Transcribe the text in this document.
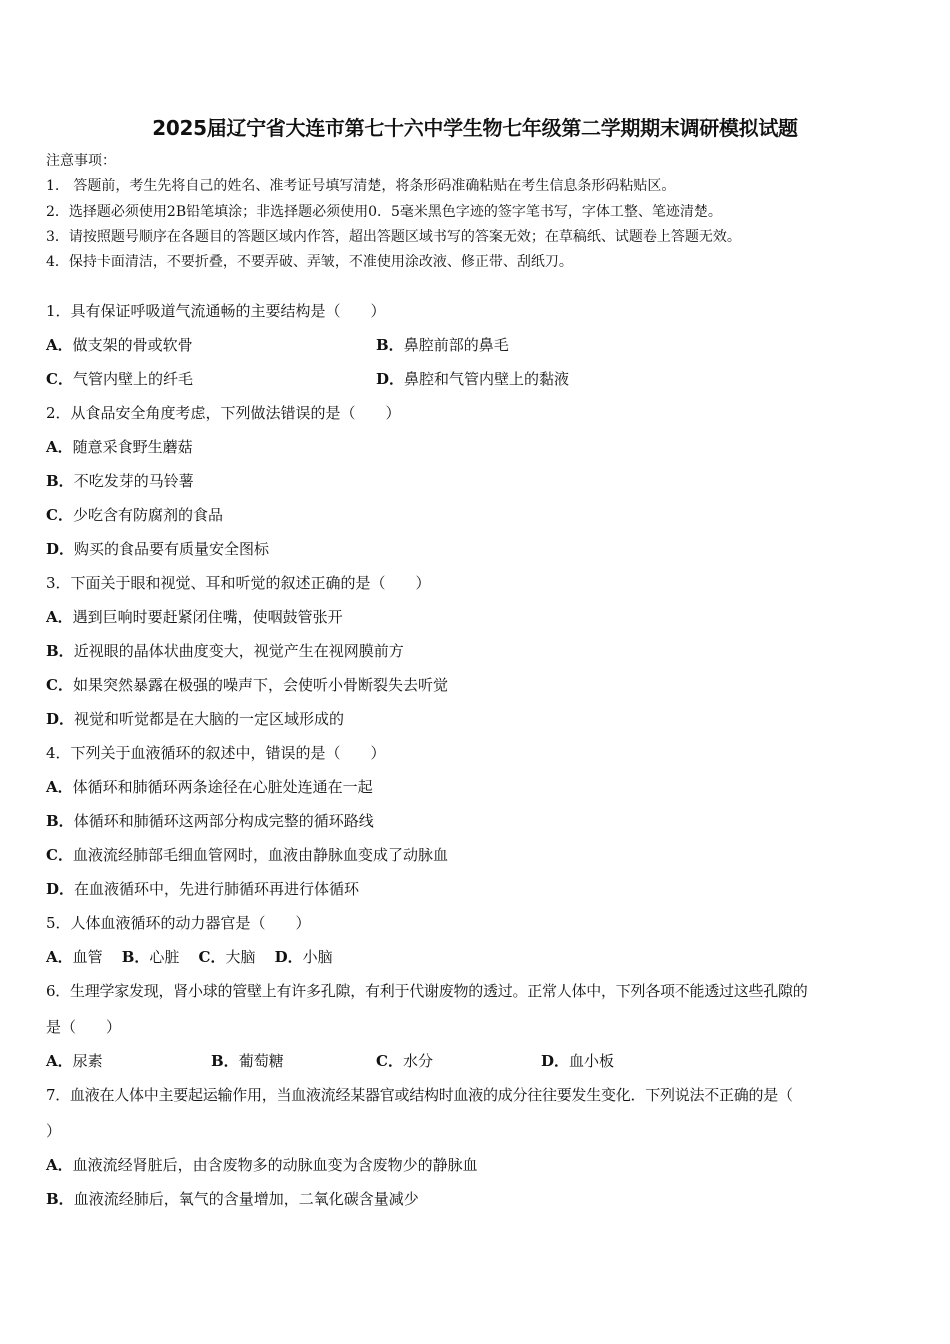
2025届辽宁省大连市第七十六中学生物七年级第二学期期末调研模拟试题
注意事项：
1.　答题前，考生先将自己的姓名、准考证号填写清楚，将条形码准确粘贴在考生信息条形码粘贴区。
2．选择题必须使用2B铅笔填涂；非选择题必须使用0．5毫米黑色字迹的签字笔书写，字体工整、笔迹清楚。
3．请按照题号顺序在各题目的答题区域内作答，超出答题区域书写的答案无效；在草稿纸、试题卷上答题无效。
4．保持卡面清洁，不要折叠，不要弄破、弄皱，不准使用涂改液、修正带、刮纸刀。
1．具有保证呼吸道气流通畅的主要结构是（　　）
A．做支架的骨或软骨	B．鼻腔前部的鼻毛
C．气管内壁上的纤毛	D．鼻腔和气管内壁上的黏液
2．从食品安全角度考虑，下列做法错误的是（　　）
A．随意采食野生蘑菇
B．不吃发芽的马铃薯
C．少吃含有防腐剂的食品
D．购买的食品要有质量安全图标
3．下面关于眼和视觉、耳和听觉的叙述正确的是（　　）
A．遇到巨响时要赶紧闭住嘴，使咽鼓管张开
B．近视眼的晶体状曲度变大，视觉产生在视网膜前方
C．如果突然暴露在极强的噪声下，会使听小骨断裂失去听觉
D．视觉和听觉都是在大脑的一定区域形成的
4．下列关于血液循环的叙述中，错误的是（　　）
A．体循环和肺循环两条途径在心脏处连通在一起
B．体循环和肺循环这两部分构成完整的循环路线
C．血液流经肺部毛细血管网时，血液由静脉血变成了动脉血
D．在血液循环中，先进行肺循环再进行体循环
5．人体血液循环的动力器官是（　　）
A．血管 B．心脏 C．大脑 D．小脑
6．生理学家发现，肾小球的管壁上有许多孔隙，有利于代谢废物的透过。正常人体中，下列各项不能透过这些孔隙的
是（　　）
A．尿素	B．葡萄糖	C．水分	D．血小板
7．血液在人体中主要起运输作用，当血液流经某器官或结构时血液的成分往往要发生变化．下列说法不正确的是（
）
A．血液流经肾脏后，由含废物多的动脉血变为含废物少的静脉血
B．血液流经肺后，氧气的含量增加，二氧化碳含量减少
